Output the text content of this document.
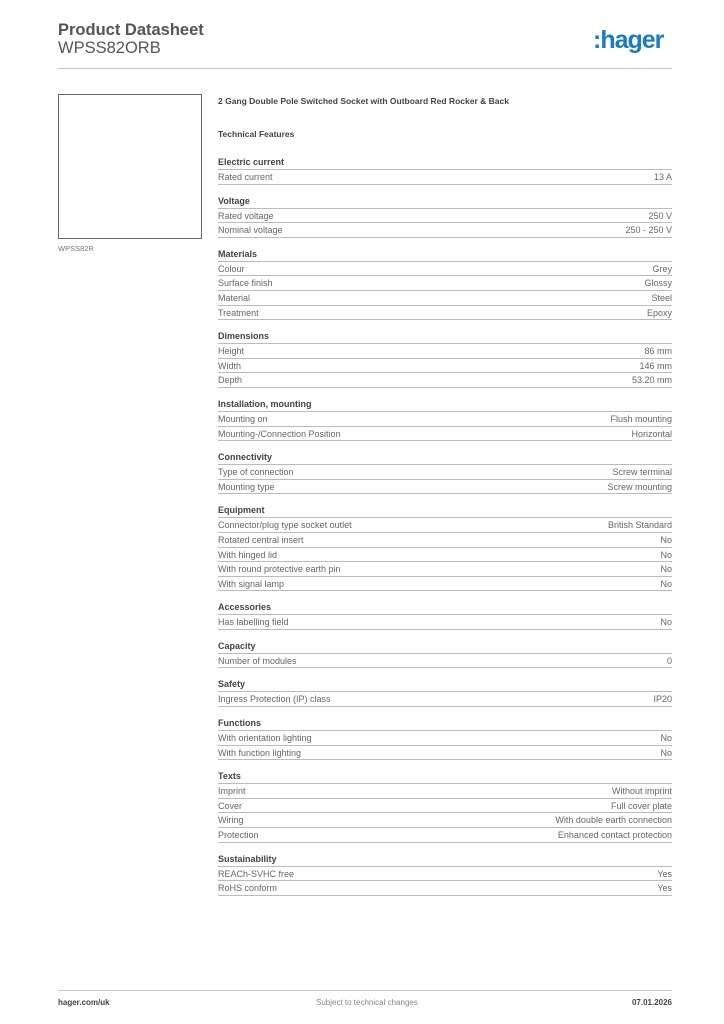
Product Datasheet
WPSS82ORB	:hager
WPSS82R
2 Gang Double Pole Switched Socket with Outboard Red Rocker & Back
Technical Features
Electric current
Rated current	13 A
Voltage
Rated voltage	250 V
Nominal voltage	250 - 250 V
Materials
Colour	Grey
Surface finish	Glossy
Material	Steel
Treatment	Epoxy
Dimensions
Height	86 mm
Width	146 mm
Depth	53.20 mm
Installation, mounting
Mounting on	Flush mounting
Mounting-/Connection Position	Horizontal
Connectivity
Type of connection	Screw terminal
Mounting type	Screw mounting
Equipment
Connector/plug type socket outlet	British Standard
Rotated central insert	No
With hinged lid	No
With round protective earth pin	No
With signal lamp	No
Accessories
Has labelling field	No
Capacity
Number of modules	0
Safety
Ingress Protection (IP) class	IP20
Functions
With orientation lighting	No
With function lighting	No
Texts
Imprint	Without imprint
Cover	Full cover plate
Wiring	With double earth connection
Protection	Enhanced contact protection
Sustainability
REACh-SVHC free	Yes
RoHS conform	Yes
hager.com/uk	Subject to technical changes	07.01.2026
